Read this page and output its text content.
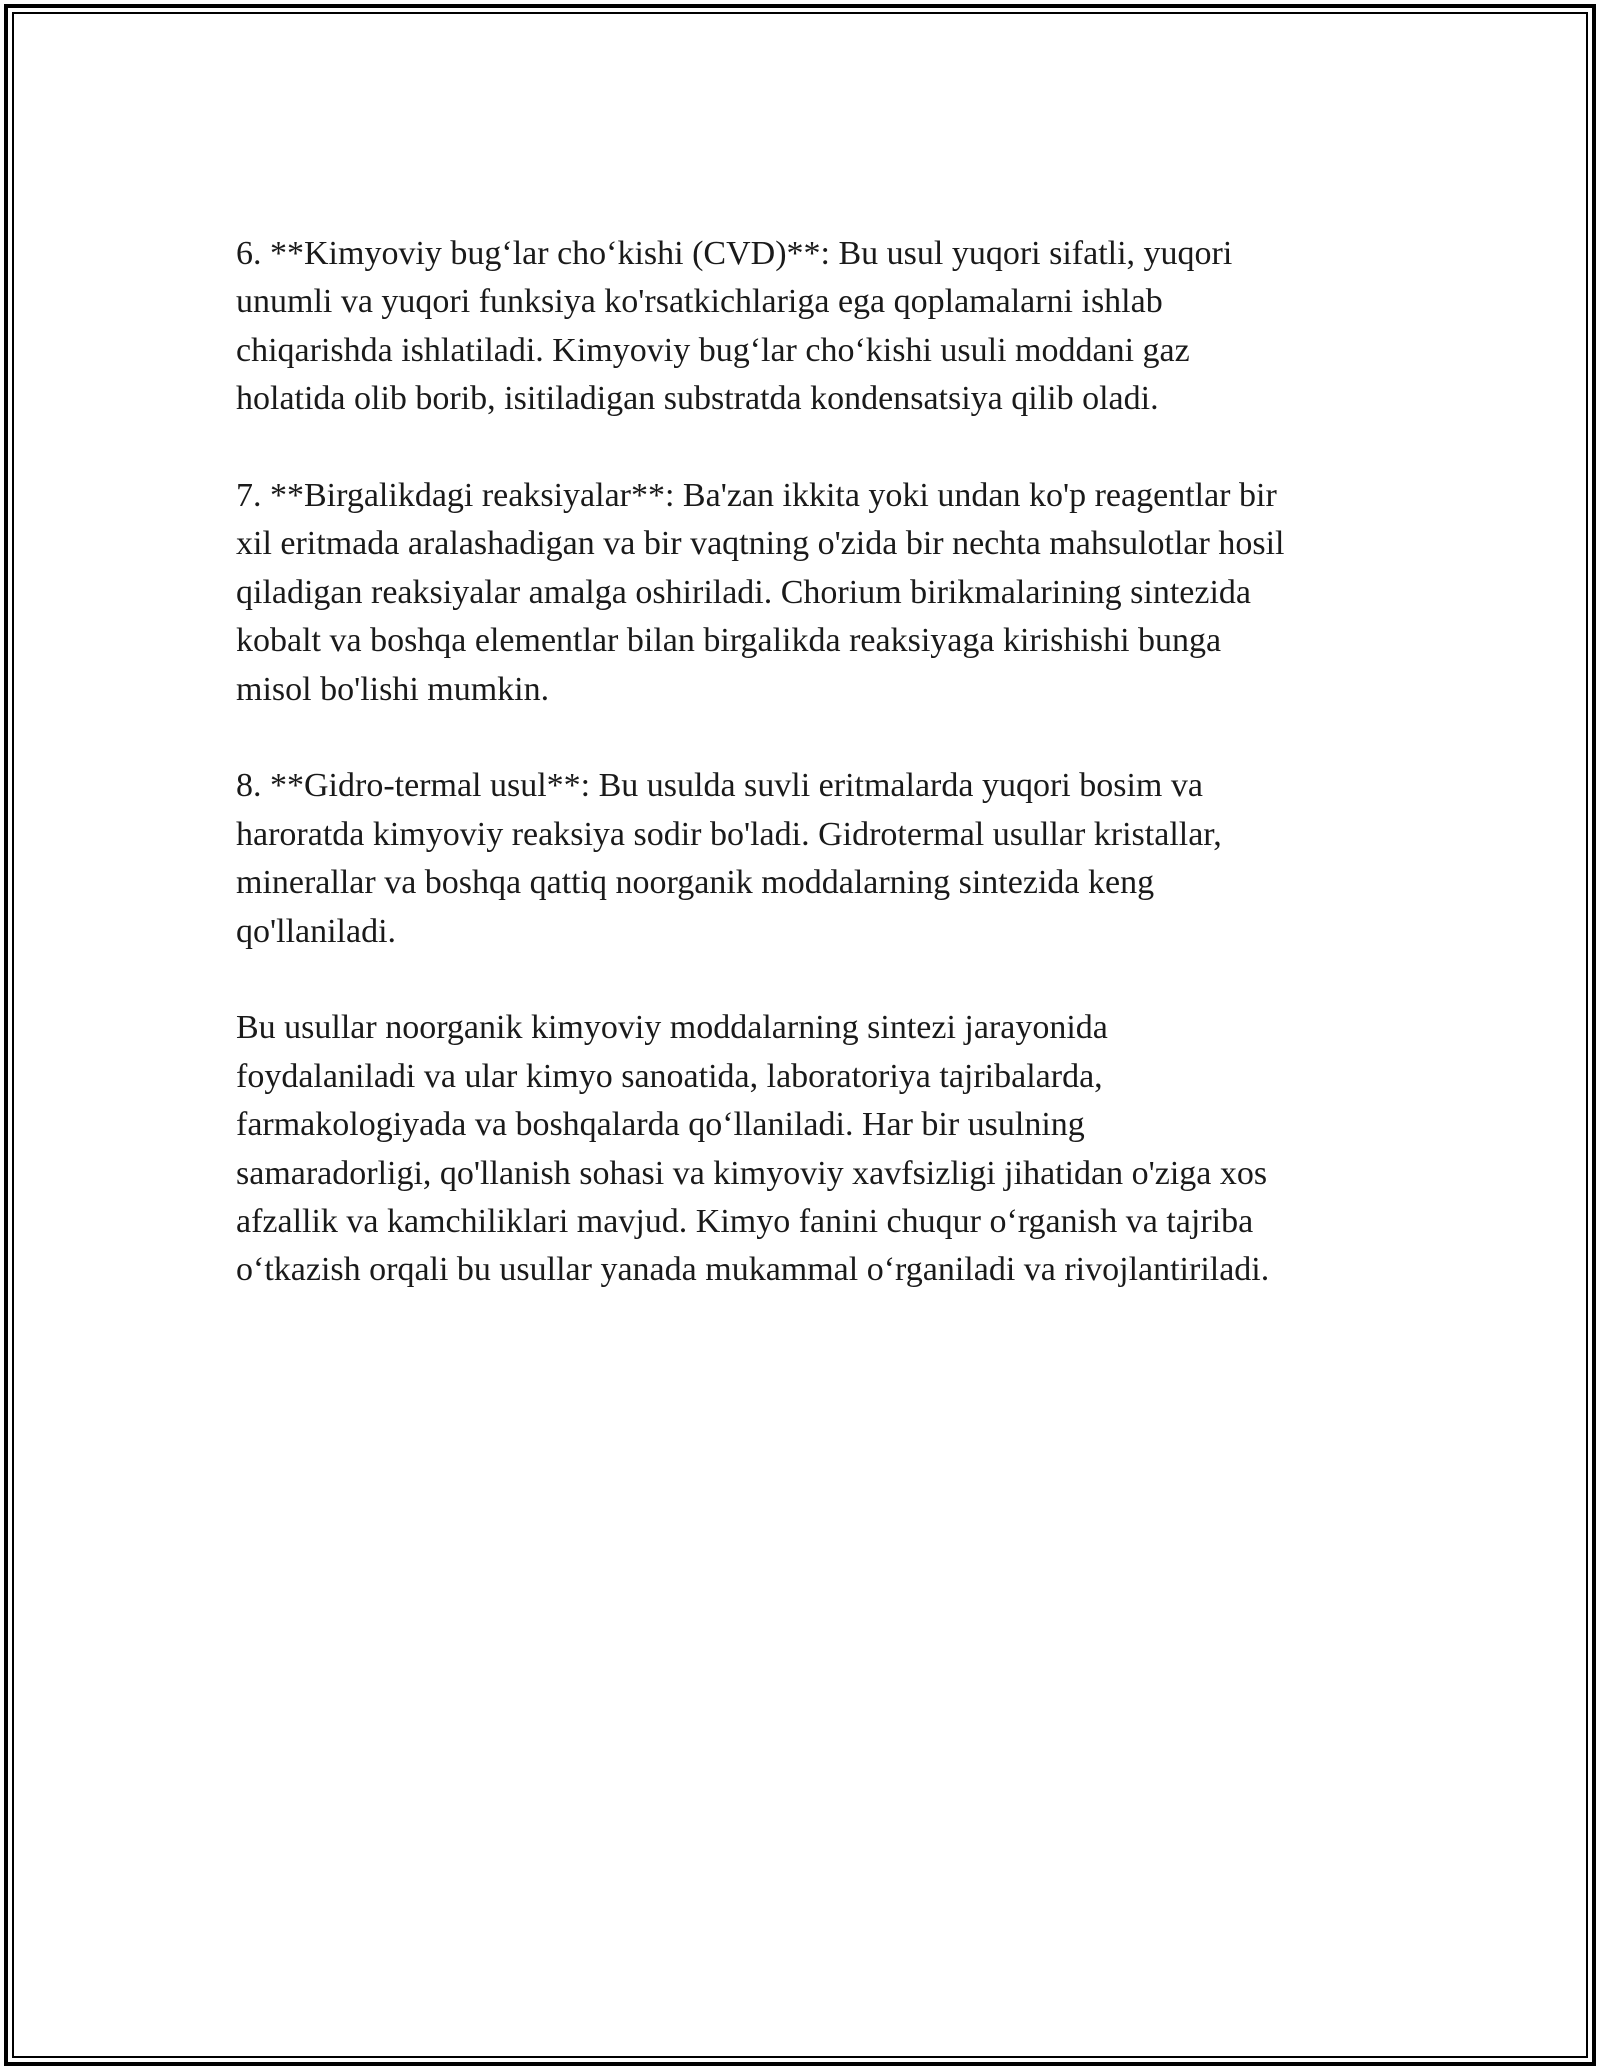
6. **Kimyoviy bug‘lar cho‘kishi (CVD)**: Bu usul yuqori sifatli, yuqori
unumli va yuqori funksiya ko'rsatkichlariga ega qoplamalarni ishlab
chiqarishda ishlatiladi. Kimyoviy bug‘lar cho‘kishi usuli moddani gaz
holatida olib borib, isitiladigan substratda kondensatsiya qilib oladi.

7. **Birgalikdagi reaksiyalar**: Ba'zan ikkita yoki undan ko'p reagentlar bir
xil eritmada aralashadigan va bir vaqtning o'zida bir nechta mahsulotlar hosil
qiladigan reaksiyalar amalga oshiriladi. Chorium birikmalarining sintezida
kobalt va boshqa elementlar bilan birgalikda reaksiyaga kirishishi bunga
misol bo'lishi mumkin.

8. **Gidro-termal usul**: Bu usulda suvli eritmalarda yuqori bosim va
haroratda kimyoviy reaksiya sodir bo'ladi. Gidrotermal usullar kristallar,
minerallar va boshqa qattiq noorganik moddalarning sintezida keng
qo'llaniladi.

Bu usullar noorganik kimyoviy moddalarning sintezi jarayonida
foydalaniladi va ular kimyo sanoatida, laboratoriya tajribalarda,
farmakologiyada va boshqalarda qo‘llaniladi. Har bir usulning
samaradorligi, qo'llanish sohasi va kimyoviy xavfsizligi jihatidan o'ziga xos
afzallik va kamchiliklari mavjud. Kimyo fanini chuqur o‘rganish va tajriba
o‘tkazish orqali bu usullar yanada mukammal o‘rganiladi va rivojlantiriladi.
